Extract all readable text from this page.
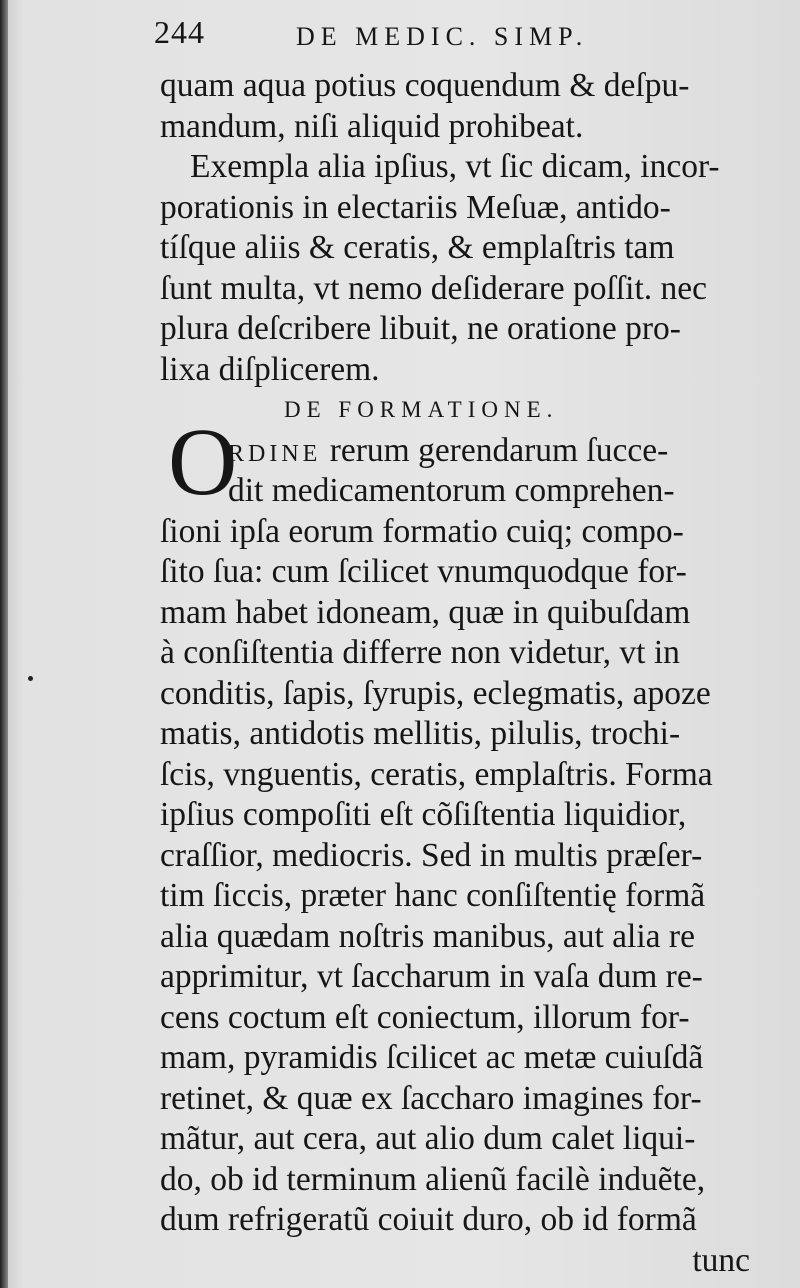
244	DE MEDIC. SIMP.
O
quam aqua potius coquendum & deſpu-
mandum, niſi aliquid prohibeat.
Exempla alia ipſius, vt ſic dicam, incor-
porationis in electariis Meſuæ, antido-
tíſque aliis & ceratis, & emplaſtris tam
ſunt multa, vt nemo deſiderare poſſit. nec
plura deſcribere libuit, ne oratione pro-
lixa diſplicerem.
DE FORMATIONE.
RDINE rerum gerendarum ſucce-
dit medicamentorum comprehen-
ſioni ipſa eorum formatio cuiq; compo-
ſito ſua: cum ſcilicet vnumquodque for-
mam habet idoneam, quæ in quibuſdam
à conſiſtentia differre non videtur, vt in
conditis, ſapis, ſyrupis, eclegmatis, apoze
matis, antidotis mellitis, pilulis, trochi-
ſcis, vnguentis, ceratis, emplaſtris. Forma
ipſius compoſiti eſt cõſiſtentia liquidior,
craſſior, mediocris. Sed in multis præſer-
tim ſiccis, præter hanc conſiſtentię formã
alia quædam noſtris manibus, aut alia re
apprimitur, vt ſaccharum in vaſa dum re-
cens coctum eſt coniectum, illorum for-
mam, pyramidis ſcilicet ac metæ cuiuſdã
retinet, & quæ ex ſaccharo imagines for-
mãtur, aut cera, aut alio dum calet liqui-
do, ob id terminum alienũ facilè induẽte,
dum refrigeratũ coiuit duro, ob id formã
tunc
